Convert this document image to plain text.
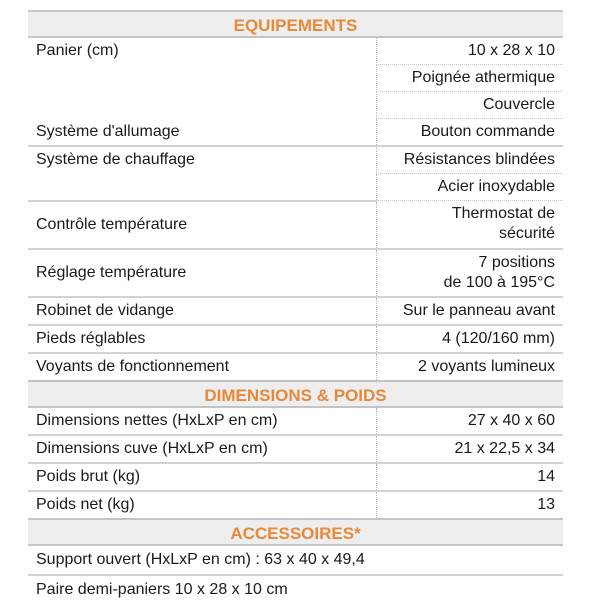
EQUIPEMENTS
Panier (cm)	10 x 28 x 10
	Poignée athermique
	Couvercle
Système d'allumage	Bouton commande
Système de chauffage	Résistances blindées
	Acier inoxydable
Contrôle température	Thermostat de
sécurité

Réglage température	7 positions
de 100 à 195°C

Robinet de vidange	Sur le panneau avant
Pieds réglables	4 (120/160 mm)
Voyants de fonctionnement	2 voyants lumineux
DIMENSIONS & POIDS
Dimensions nettes (HxLxP en cm)	27 x 40 x 60
Dimensions cuve (HxLxP en cm)	21 x 22,5 x 34
Poids brut (kg)	14
Poids net (kg)	13
ACCESSOIRES*
Support ouvert (HxLxP en cm) : 63 x 40 x 49,4
Paire demi-paniers 10 x 28 x 10 cm
